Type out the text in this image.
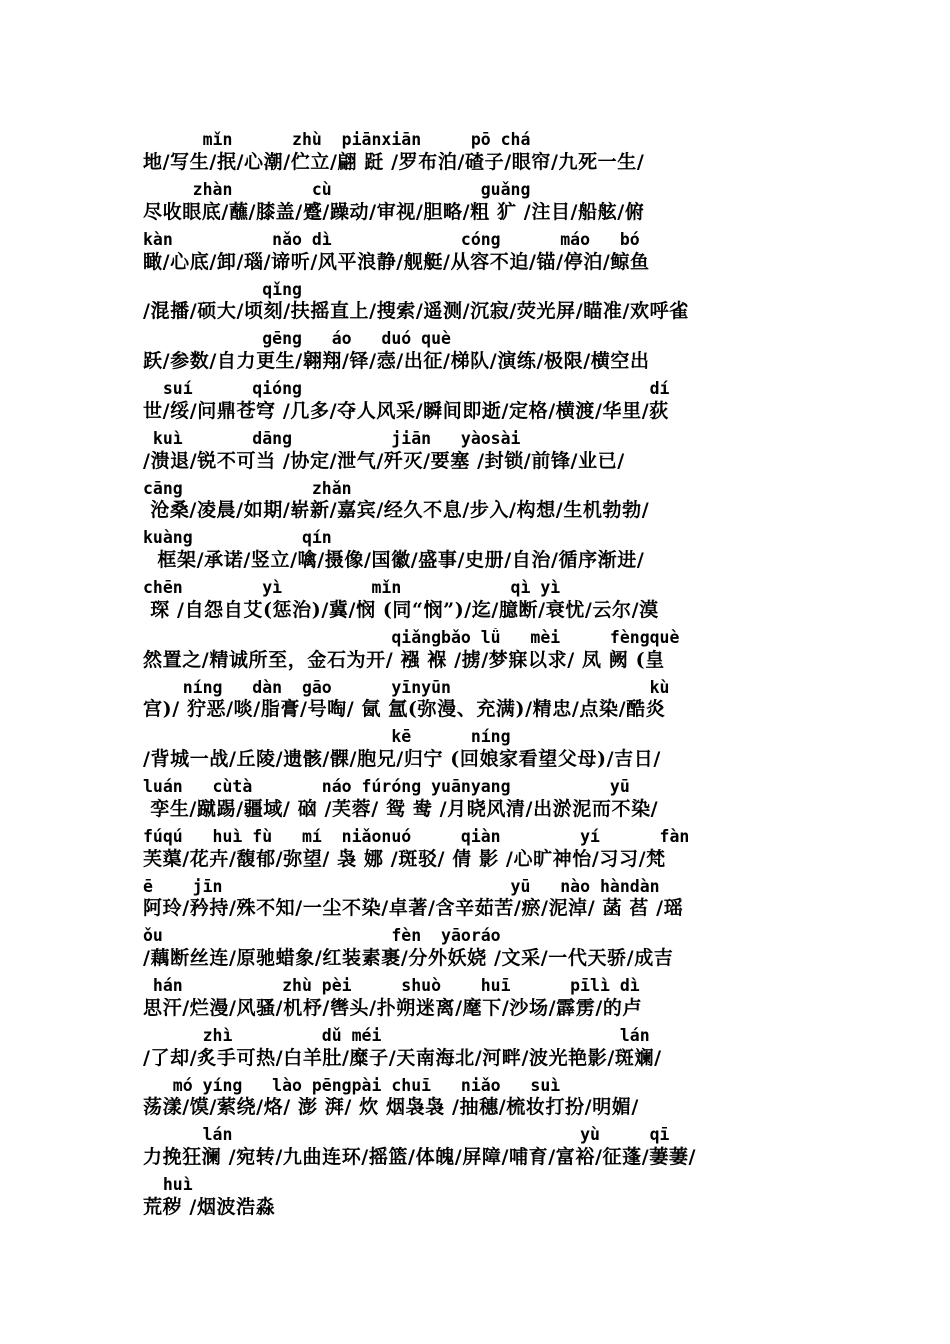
mǐn      zhù  piānxiān     pō chá
地/写生/抿/心潮/伫立/翩 跹 /罗布泊/碴子/眼帘/九死一生/
zhàn        cù               guǎng
尽收眼底/蘸/膝盖/蹙/躁动/审视/胆略/粗 犷 /注目/船舷/俯
kàn          nǎo dì             cóng      máo   bó
瞰/心底/卸/瑙/谛听/风平浪静/舰艇/从容不迫/锚/停泊/鲸鱼
qǐng
/混播/硕大/顷刻/扶摇直上/搜索/遥测/沉寂/荧光屏/瞄准/欢呼雀
gēng   áo   duó què
跃/参数/自力更生/翱翔/铎/悫/出征/梯队/演练/极限/横空出
suí      qióng                                   dí
世/绥/问鼎苍穹 /几多/夺人风采/瞬间即逝/定格/横渡/华里/荻
kuì       dāng          jiān   yàosài
/溃退/锐不可当 /协定/泄气/歼灭/要塞 /封锁/前锋/业已/
cāng             zhǎn
沧桑/凌晨/如期/崭新/嘉宾/经久不息/步入/构想/生机勃勃/
kuàng           qín
框架/承诺/竖立/噙/摄像/国徽/盛事/史册/自治/循序渐进/
chēn        yì         mǐn           qì yì
琛 /自怨自艾(惩治)/冀/悯 (同“悯”)/迄/臆断/衰忧/云尔/漠
qiǎngbǎo lǚ   mèi     fèngquè
然置之/精诚所至，金石为开/ 襁 褓 /掳/梦寐以求/ 凤 阙 (皇
níng   dàn  gāo      yīnyūn                    kù
宫)/ 狞恶/啖/脂膏/号啕/ 氤 氲(弥漫、充满)/精忠/点染/酷炎
kē      níng
/背城一战/丘陵/遗骸/髁/胞兄/归宁 (回娘家看望父母)/吉日/
luán   cùtà       náo fúróng yuānyang          yū
孪生/蹴踢/疆域/ 硇 /芙蓉/ 鸳 鸯 /月晓风清/出淤泥而不染/
fúqú   huì fù   mí  niǎonuó     qiàn        yí      fàn
芙蕖/花卉/馥郁/弥望/ 袅 娜 /斑驳/ 倩 影 /心旷神怡/习习/梵
ē    jīn                             yū   nào hàndàn
阿玲/矜持/殊不知/一尘不染/卓著/含辛茹苦/瘀/泥淖/ 菡 萏 /瑶
ǒu                       fèn  yāoráo
/藕断丝连/原驰蜡象/红装素裹/分外妖娆 /文采/一代天骄/成吉
hán          zhù pèi     shuò    huī      pīlì dì
思汗/烂漫/风骚/机杼/辔头/扑朔迷离/麾下/沙场/霹雳/的卢
zhì         dǔ méi                        lán
/了却/炙手可热/白羊肚/糜子/天南海北/河畔/波光艳影/斑斓/
mó yíng   lào pēngpài chuī   niǎo   suì
荡漾/馍/萦绕/烙/ 澎 湃/ 炊 烟袅袅 /抽穗/梳妆打扮/明媚/
lán                                   yù     qī
力挽狂澜 /宛转/九曲连环/摇篮/体魄/屏障/哺育/富裕/征蓬/萋萋/
huì
荒秽 /烟波浩淼
